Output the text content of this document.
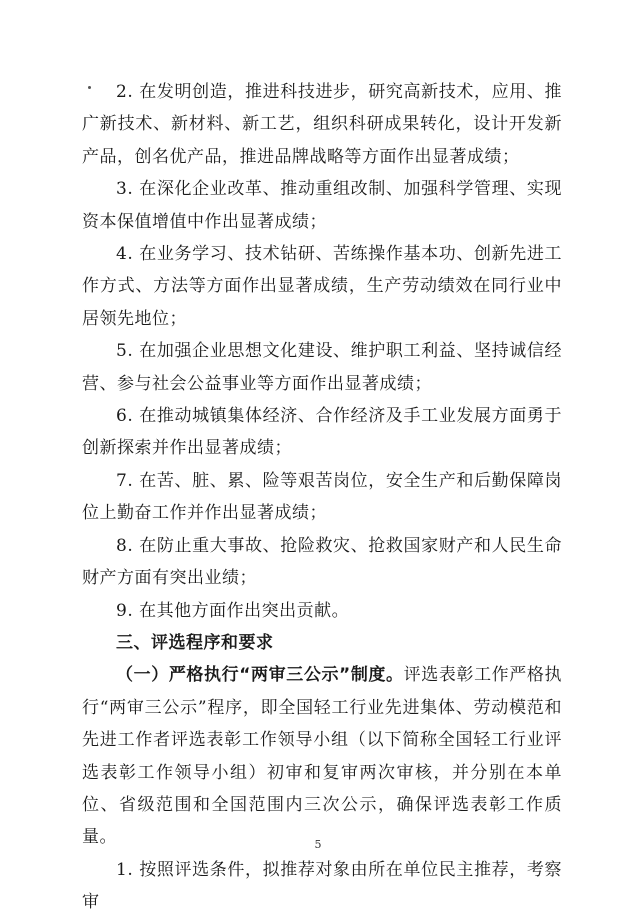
2. 在发明创造，推进科技进步，研究高新技术，应用、推广新技术、新材料、新工艺，组织科研成果转化，设计开发新产品，创名优产品，推进品牌战略等方面作出显著成绩；

3. 在深化企业改革、推动重组改制、加强科学管理、实现资本保值增值中作出显著成绩；

4. 在业务学习、技术钻研、苦练操作基本功、创新先进工作方式、方法等方面作出显著成绩，生产劳动绩效在同行业中居领先地位；

5. 在加强企业思想文化建设、维护职工利益、坚持诚信经营、参与社会公益事业等方面作出显著成绩；

6. 在推动城镇集体经济、合作经济及手工业发展方面勇于创新探索并作出显著成绩；

7. 在苦、脏、累、险等艰苦岗位，安全生产和后勤保障岗位上勤奋工作并作出显著成绩；

8. 在防止重大事故、抢险救灾、抢救国家财产和人民生命财产方面有突出业绩；

9. 在其他方面作出突出贡献。

三、评选程序和要求

（一）严格执行“两审三公示”制度。评选表彰工作严格执行“两审三公示”程序，即全国轻工行业先进集体、劳动模范和先进工作者评选表彰工作领导小组（以下简称全国轻工行业评选表彰工作领导小组）初审和复审两次审核，并分别在本单位、省级范围和全国范围内三次公示，确保评选表彰工作质量。

1. 按照评选条件，拟推荐对象由所在单位民主推荐，考察审

5
